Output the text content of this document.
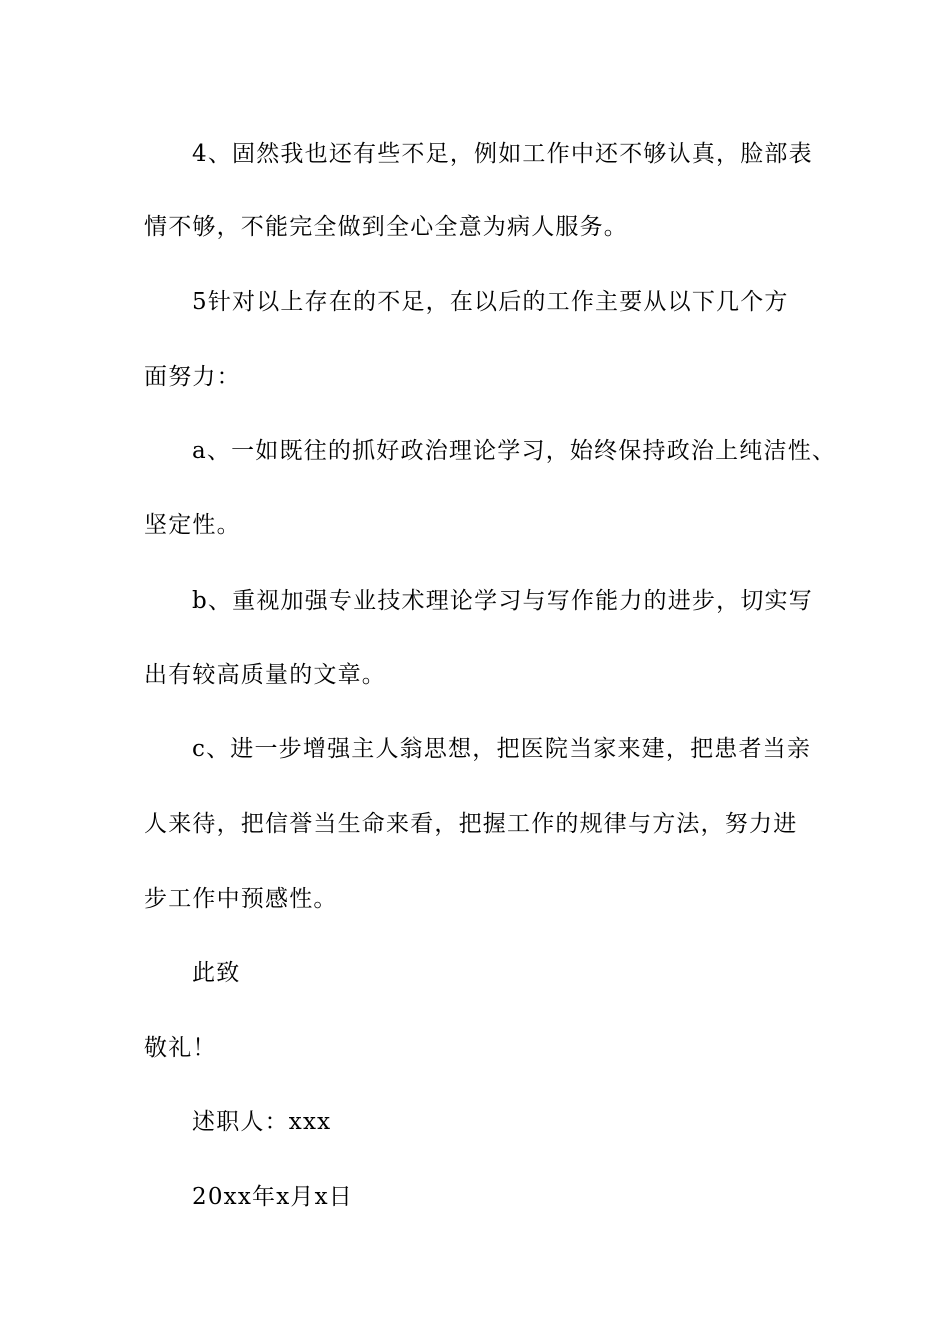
4、固然我也还有些不足，例如工作中还不够认真，脸部表
情不够，不能完全做到全心全意为病人服务。
5针对以上存在的不足，在以后的工作主要从以下几个方
面努力：
a、一如既往的抓好政治理论学习，始终保持政治上纯洁性、
坚定性。
b、重视加强专业技术理论学习与写作能力的进步，切实写
出有较高质量的文章。
c、进一步增强主人翁思想，把医院当家来建，把患者当亲
人来待，把信誉当生命来看，把握工作的规律与方法，努力进
步工作中预感性。
此致
敬礼！
述职人：xxx
20xx年x月x日
